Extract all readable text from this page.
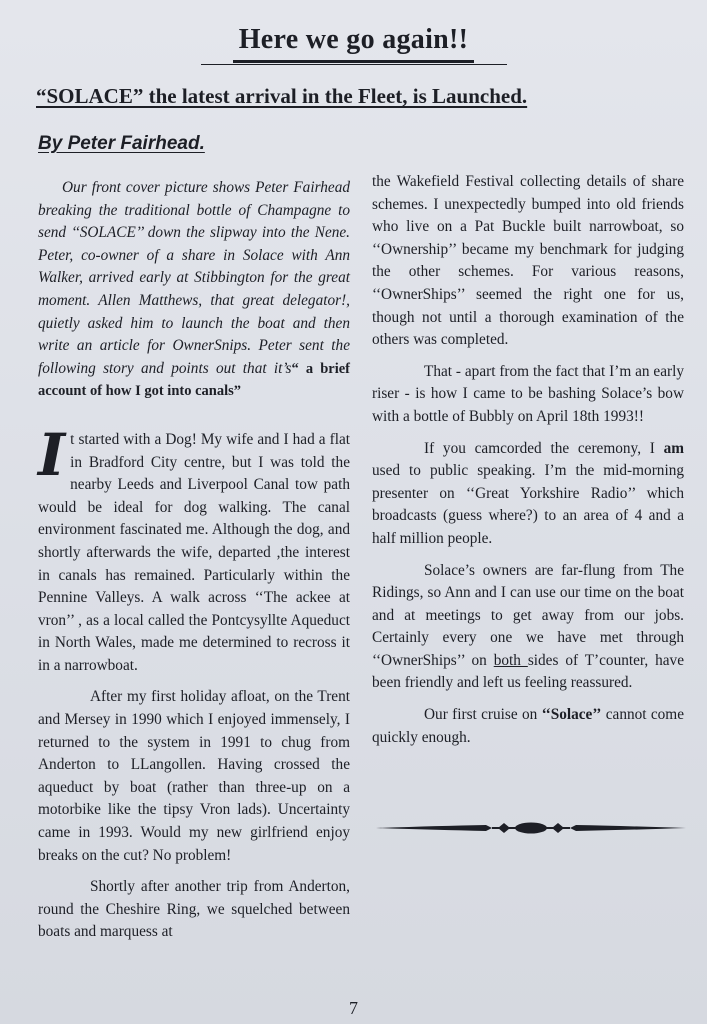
Here we go again!!
“SOLACE” the latest arrival in the Fleet, is Launched.
By Peter Fairhead.

Our front cover picture shows Peter Fairhead breaking the traditional bottle of Champagne to send ‘‘SOLACE’’ down the slipway into the Nene. Peter, co-owner of a share in Solace with Ann Walker, arrived early at Stibbington for the great moment. Allen Matthews, that great delegator!, quietly asked him to launch the boat and then write an article for OwnerSnips. Peter sent the following story and points out that it’s“ a brief account of how I got into canals”

It started with a Dog! My wife and I had a flat in Bradford City centre, but I was told the nearby Leeds and Liverpool Canal tow path would be ideal for dog walking. The canal environment fascinated me. Although the dog, and shortly afterwards the wife, departed ,the interest in canals has remained. Particularly within the Pennine Valleys. A walk across ‘‘The ackee at vron’’ , as a local called the Pontcysyllte Aqueduct in North Wales, made me determined to recross it in a narrowboat.

After my first holiday afloat, on the Trent and Mersey in 1990 which I enjoyed immensely, I returned to the system in 1991 to chug from Anderton to LLangollen. Having crossed the aqueduct by boat (rather than three-up on a motorbike like the tipsy Vron lads). Uncertainty came in 1993. Would my new girlfriend enjoy breaks on the cut? No problem!

Shortly after another trip from Anderton, round the Cheshire Ring, we squelched between boats and marquess at

the Wakefield Festival collecting details of share schemes. I unexpectedly bumped into old friends who live on a Pat Buckle built narrowboat, so ‘‘Ownership’’ became my benchmark for judging the other schemes. For various reasons, ‘‘OwnerShips’’ seemed the right one for us, though not until a thorough examination of the others was completed.

That - apart from the fact that I’m an early riser - is how I came to be bashing Solace’s bow with a bottle of Bubbly on April 18th 1993!!

If you camcorded the ceremony, I am used to public speaking. I’m the mid-morning presenter on ‘‘Great Yorkshire Radio’’ which broadcasts (guess where?) to an area of 4 and a half million people.

Solace’s owners are far-flung from The Ridings, so Ann and I can use our time on the boat and at meetings to get away from our jobs. Certainly every one we have met through ‘‘OwnerShips’’ on both sides of T’counter, have been friendly and left us feeling reassured.

Our first cruise on ‘‘Solace’’ cannot come quickly enough.

7
